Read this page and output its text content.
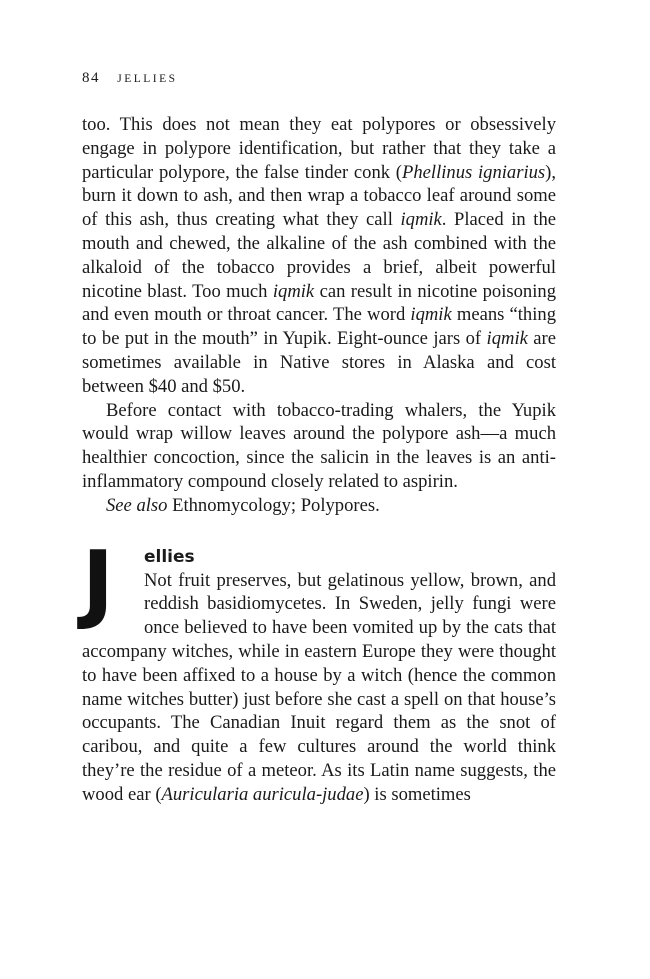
84 JELLIES

too. This does not mean they eat polypores or obsessively engage in polypore identification, but rather that they take a particular polypore, the false tinder conk (Phellinus igniarius), burn it down to ash, and then wrap a tobacco leaf around some of this ash, thus creating what they call iqmik. Placed in the mouth and chewed, the alkaline of the ash combined with the alkaloid of the tobacco provides a brief, albeit powerful nicotine blast. Too much iqmik can result in nicotine poisoning and even mouth or throat cancer. The word iqmik means “thing to be put in the mouth” in Yupik. Eight-ounce jars of iqmik are sometimes available in Native stores in Alaska and cost between $40 and $50.

Before contact with tobacco-trading whalers, the Yupik would wrap willow leaves around the polypore ash—a much healthier concoction, since the salicin in the leaves is an anti-inflammatory compound closely related to aspirin.

See also Ethnomycology; Polypores.

J	ellies

Not fruit preserves, but gelatinous yellow, brown, and reddish basidiomycetes. In Sweden, jelly fungi were once believed to have been vomited up by the cats that accompany witches, while in eastern Europe they were thought to have been affixed to a house by a witch (hence the common name witches butter) just before she cast a spell on that house’s occupants. The Canadian Inuit regard them as the snot of caribou, and quite a few cultures around the world think they’re the residue of a meteor. As its Latin name suggests, the wood ear (Auricularia auricula-judae) is sometimes
